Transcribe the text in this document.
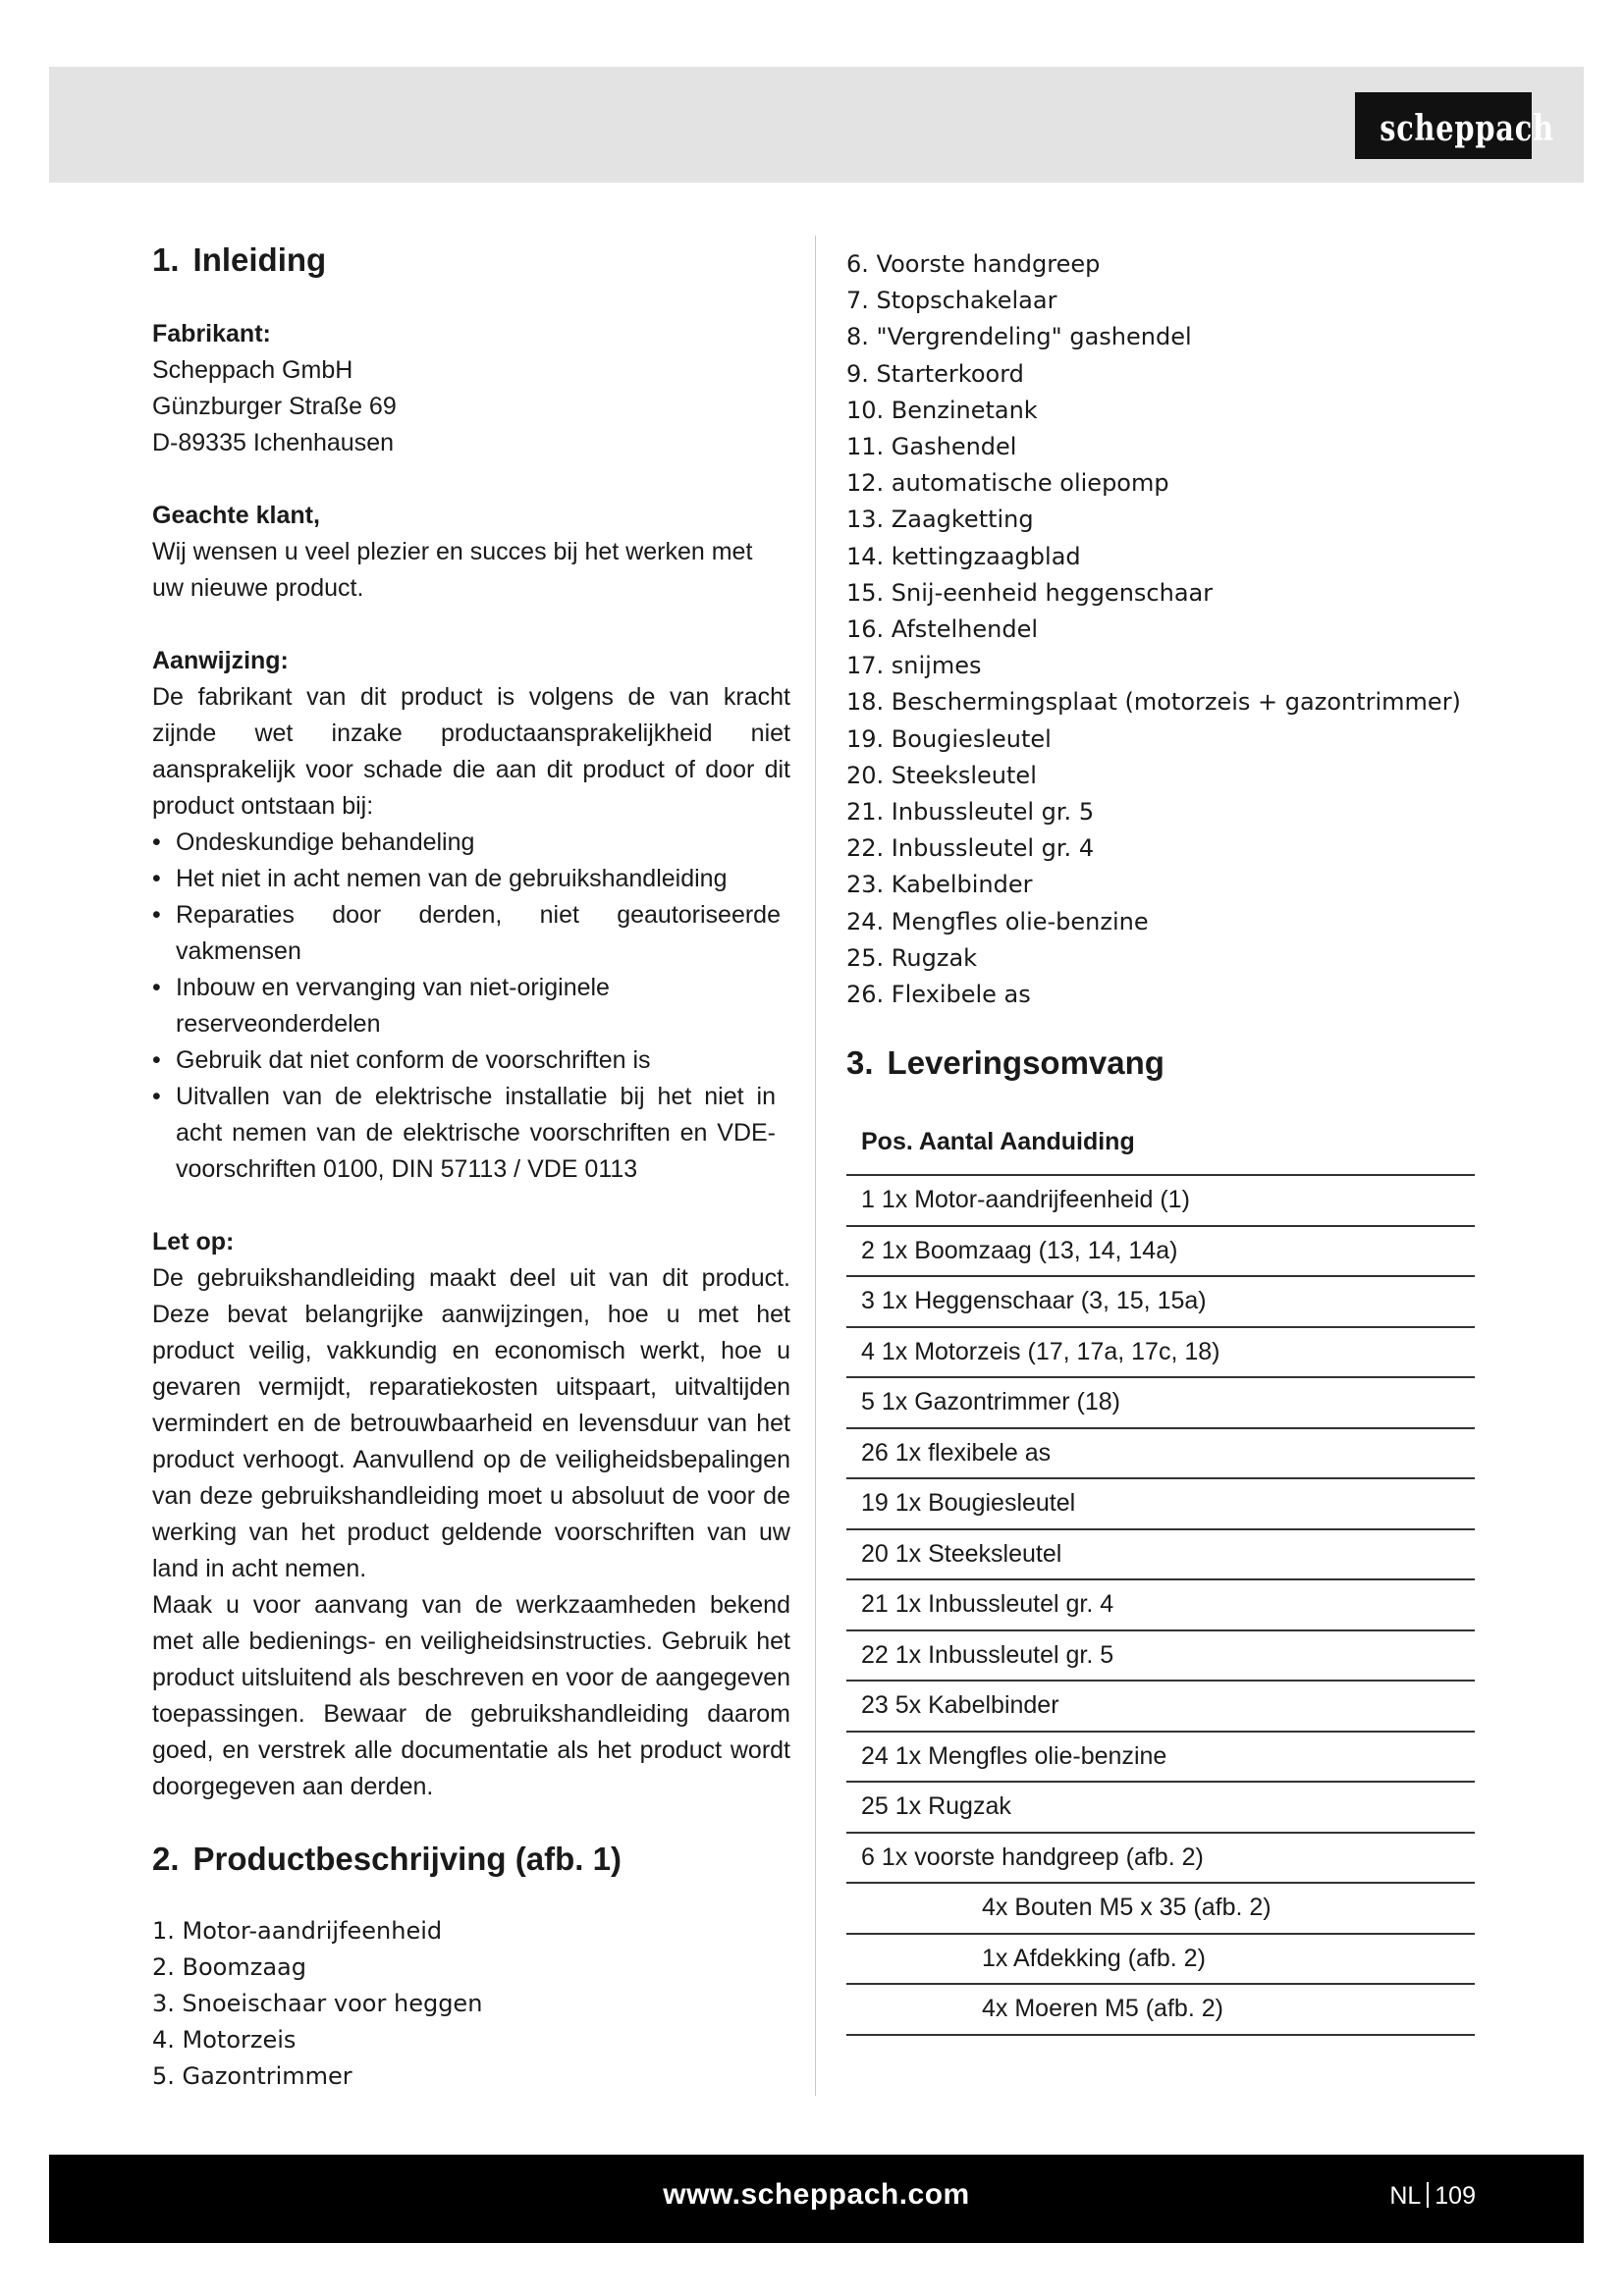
scheppach
1. Inleiding
Fabrikant:
Scheppach GmbH
Günzburger Straße 69
D-89335 Ichenhausen
Geachte klant,
Wij wensen u veel plezier en succes bij het werken met uw nieuwe product.
Aanwijzing:
De fabrikant van dit product is volgens de van kracht zijnde wet inzake productaansprakelijkheid niet aansprakelijk voor schade die aan dit product of door dit product ontstaan bij:
• Ondeskundige behandeling
• Het niet in acht nemen van de gebruikshandleiding
• Reparaties door derden, niet geautoriseerde vakmensen
• Inbouw en vervanging van niet-originele reserveonderdelen
• Gebruik dat niet conform de voorschriften is
• Uitvallen van de elektrische installatie bij het niet in acht nemen van de elektrische voorschriften en VDE-voorschriften 0100, DIN 57113 / VDE 0113
Let op:
De gebruikshandleiding maakt deel uit van dit product. Deze bevat belangrijke aanwijzingen, hoe u met het product veilig, vakkundig en economisch werkt, hoe u gevaren vermijdt, reparatiekosten uitspaart, uitvaltijden vermindert en de betrouwbaarheid en levensduur van het product verhoogt. Aanvullend op de veiligheidsbepalingen van deze gebruikshandleiding moet u absoluut de voor de werking van het product geldende voorschriften van uw land in acht nemen.
Maak u voor aanvang van de werkzaamheden bekend met alle bedienings- en veiligheidsinstructies. Gebruik het product uitsluitend als beschreven en voor de aangegeven toepassingen. Bewaar de gebruikshandleiding daarom goed, en verstrek alle documentatie als het product wordt doorgegeven aan derden.
2. Productbeschrijving (afb. 1)
1. Motor-aandrijfeenheid
2. Boomzaag
3. Snoeischaar voor heggen
4. Motorzeis
5. Gazontrimmer
6. Voorste handgreep
7. Stopschakelaar
8. "Vergrendeling" gashendel
9. Starterkoord
10. Benzinetank
11. Gashendel
12. automatische oliepomp
13. Zaagketting
14. kettingzaagblad
15. Snij-eenheid heggenschaar
16. Afstelhendel
17. snijmes
18. Beschermingsplaat (motorzeis + gazontrimmer)
19. Bougiesleutel
20. Steeksleutel
21. Inbussleutel gr. 5
22. Inbussleutel gr. 4
23. Kabelbinder
24. Mengfles olie-benzine
25. Rugzak
26. Flexibele as
3. Leveringsomvang
Pos. Aantal Aanduiding
1 1x Motor-aandrijfeenheid (1)
2 1x Boomzaag (13, 14, 14a)
3 1x Heggenschaar (3, 15, 15a)
4 1x Motorzeis (17, 17a, 17c, 18)
5 1x Gazontrimmer (18)
26 1x flexibele as
19 1x Bougiesleutel
20 1x Steeksleutel
21 1x Inbussleutel gr. 4
22 1x Inbussleutel gr. 5
23 5x Kabelbinder
24 1x Mengfles olie-benzine
25 1x Rugzak
6 1x voorste handgreep (afb. 2)
4x Bouten M5 x 35 (afb. 2)
1x Afdekking (afb. 2)
4x Moeren M5 (afb. 2)
www.scheppach.com	NL 109
